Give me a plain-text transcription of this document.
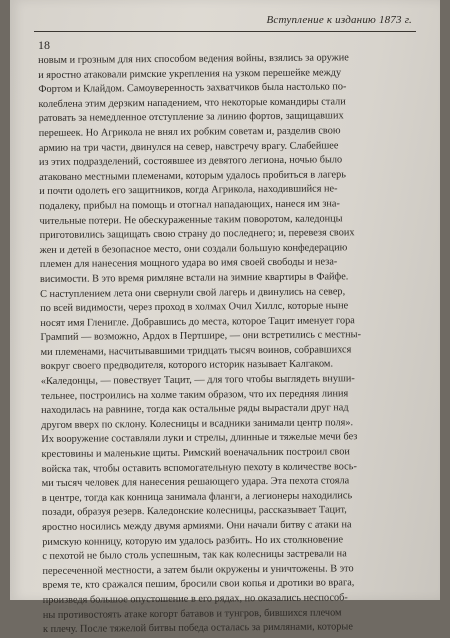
Вступление к изданию 1873 г.
18
новым и грозным для них способом ведения войны, взялись за оружие
и яростно атаковали римские укрепления на узком перешейке между
Фортом и Клайдом. Самоуверенность захватчиков была настолько по-
колеблена этим дерзким нападением, что некоторые командиры стали
ратовать за немедленное отступление за линию фортов, защищавших
перешеек. Но Агрикола не внял их робким советам и, разделив свою
армию на три части, двинулся на север, навстречу врагу. Слабейшее
из этих подразделений, состоявшее из девятого легиона, ночью было
атаковано местными племенами, которым удалось пробиться в лагерь
и почти одолеть его защитников, когда Агрикола, находившийся не-
подалеку, прибыл на помощь и отогнал нападающих, нанеся им зна-
чительные потери. Не обескураженные таким поворотом, каледонцы
приготовились защищать свою страну до последнего; и, перевезя своих
жен и детей в безопасное место, они создали большую конфедерацию
племен для нанесения мощного удара во имя своей свободы и неза-
висимости. В это время римляне встали на зимние квартиры в Файфе.
С наступлением лета они свернули свой лагерь и двинулись на север,
по всей видимости, через проход в холмах Очил Хиллс, которые ныне
носят имя Гленигле. Добравшись до места, которое Тацит именует гора
Грампий — возможно, Ардох в Пертшире, — они встретились с местны-
ми племенами, насчитывавшими тридцать тысяч воинов, собравшихся
вокруг своего предводителя, которого историк называет Калгаком.
«Каледонцы, — повествует Тацит, — для того чтобы выглядеть внуши-
тельнее, построились на холме таким образом, что их передняя линия
находилась на равнине, тогда как остальные ряды вырастали друг над
другом вверх по склону. Колесницы и всадники занимали центр поля».
Их вооружение составляли луки и стрелы, длинные и тяжелые мечи без
крестовины и маленькие щиты. Римский военачальник построил свои
войска так, чтобы оставить вспомогательную пехоту в количестве вось-
ми тысяч человек для нанесения решающего удара. Эта пехота стояла
в центре, тогда как конница занимала фланги, а легионеры находились
позади, образуя резерв. Каледонские колесницы, рассказывает Тацит,
яростно носились между двумя армиями. Они начали битву с атаки на
римскую конницу, которую им удалось разбить. Но их столкновение
с пехотой не было столь успешным, так как колесницы застревали на
пересеченной местности, а затем были окружены и уничтожены. В это
время те, кто сражался пешим, бросили свои копья и дротики во врага,
произведя большое опустошение в его рядах, но оказались неспособ-
ны противостоять атаке когорт батавов и тунгров, бившихся плечом
к плечу. После тяжелой битвы победа осталась за римлянами, которые
